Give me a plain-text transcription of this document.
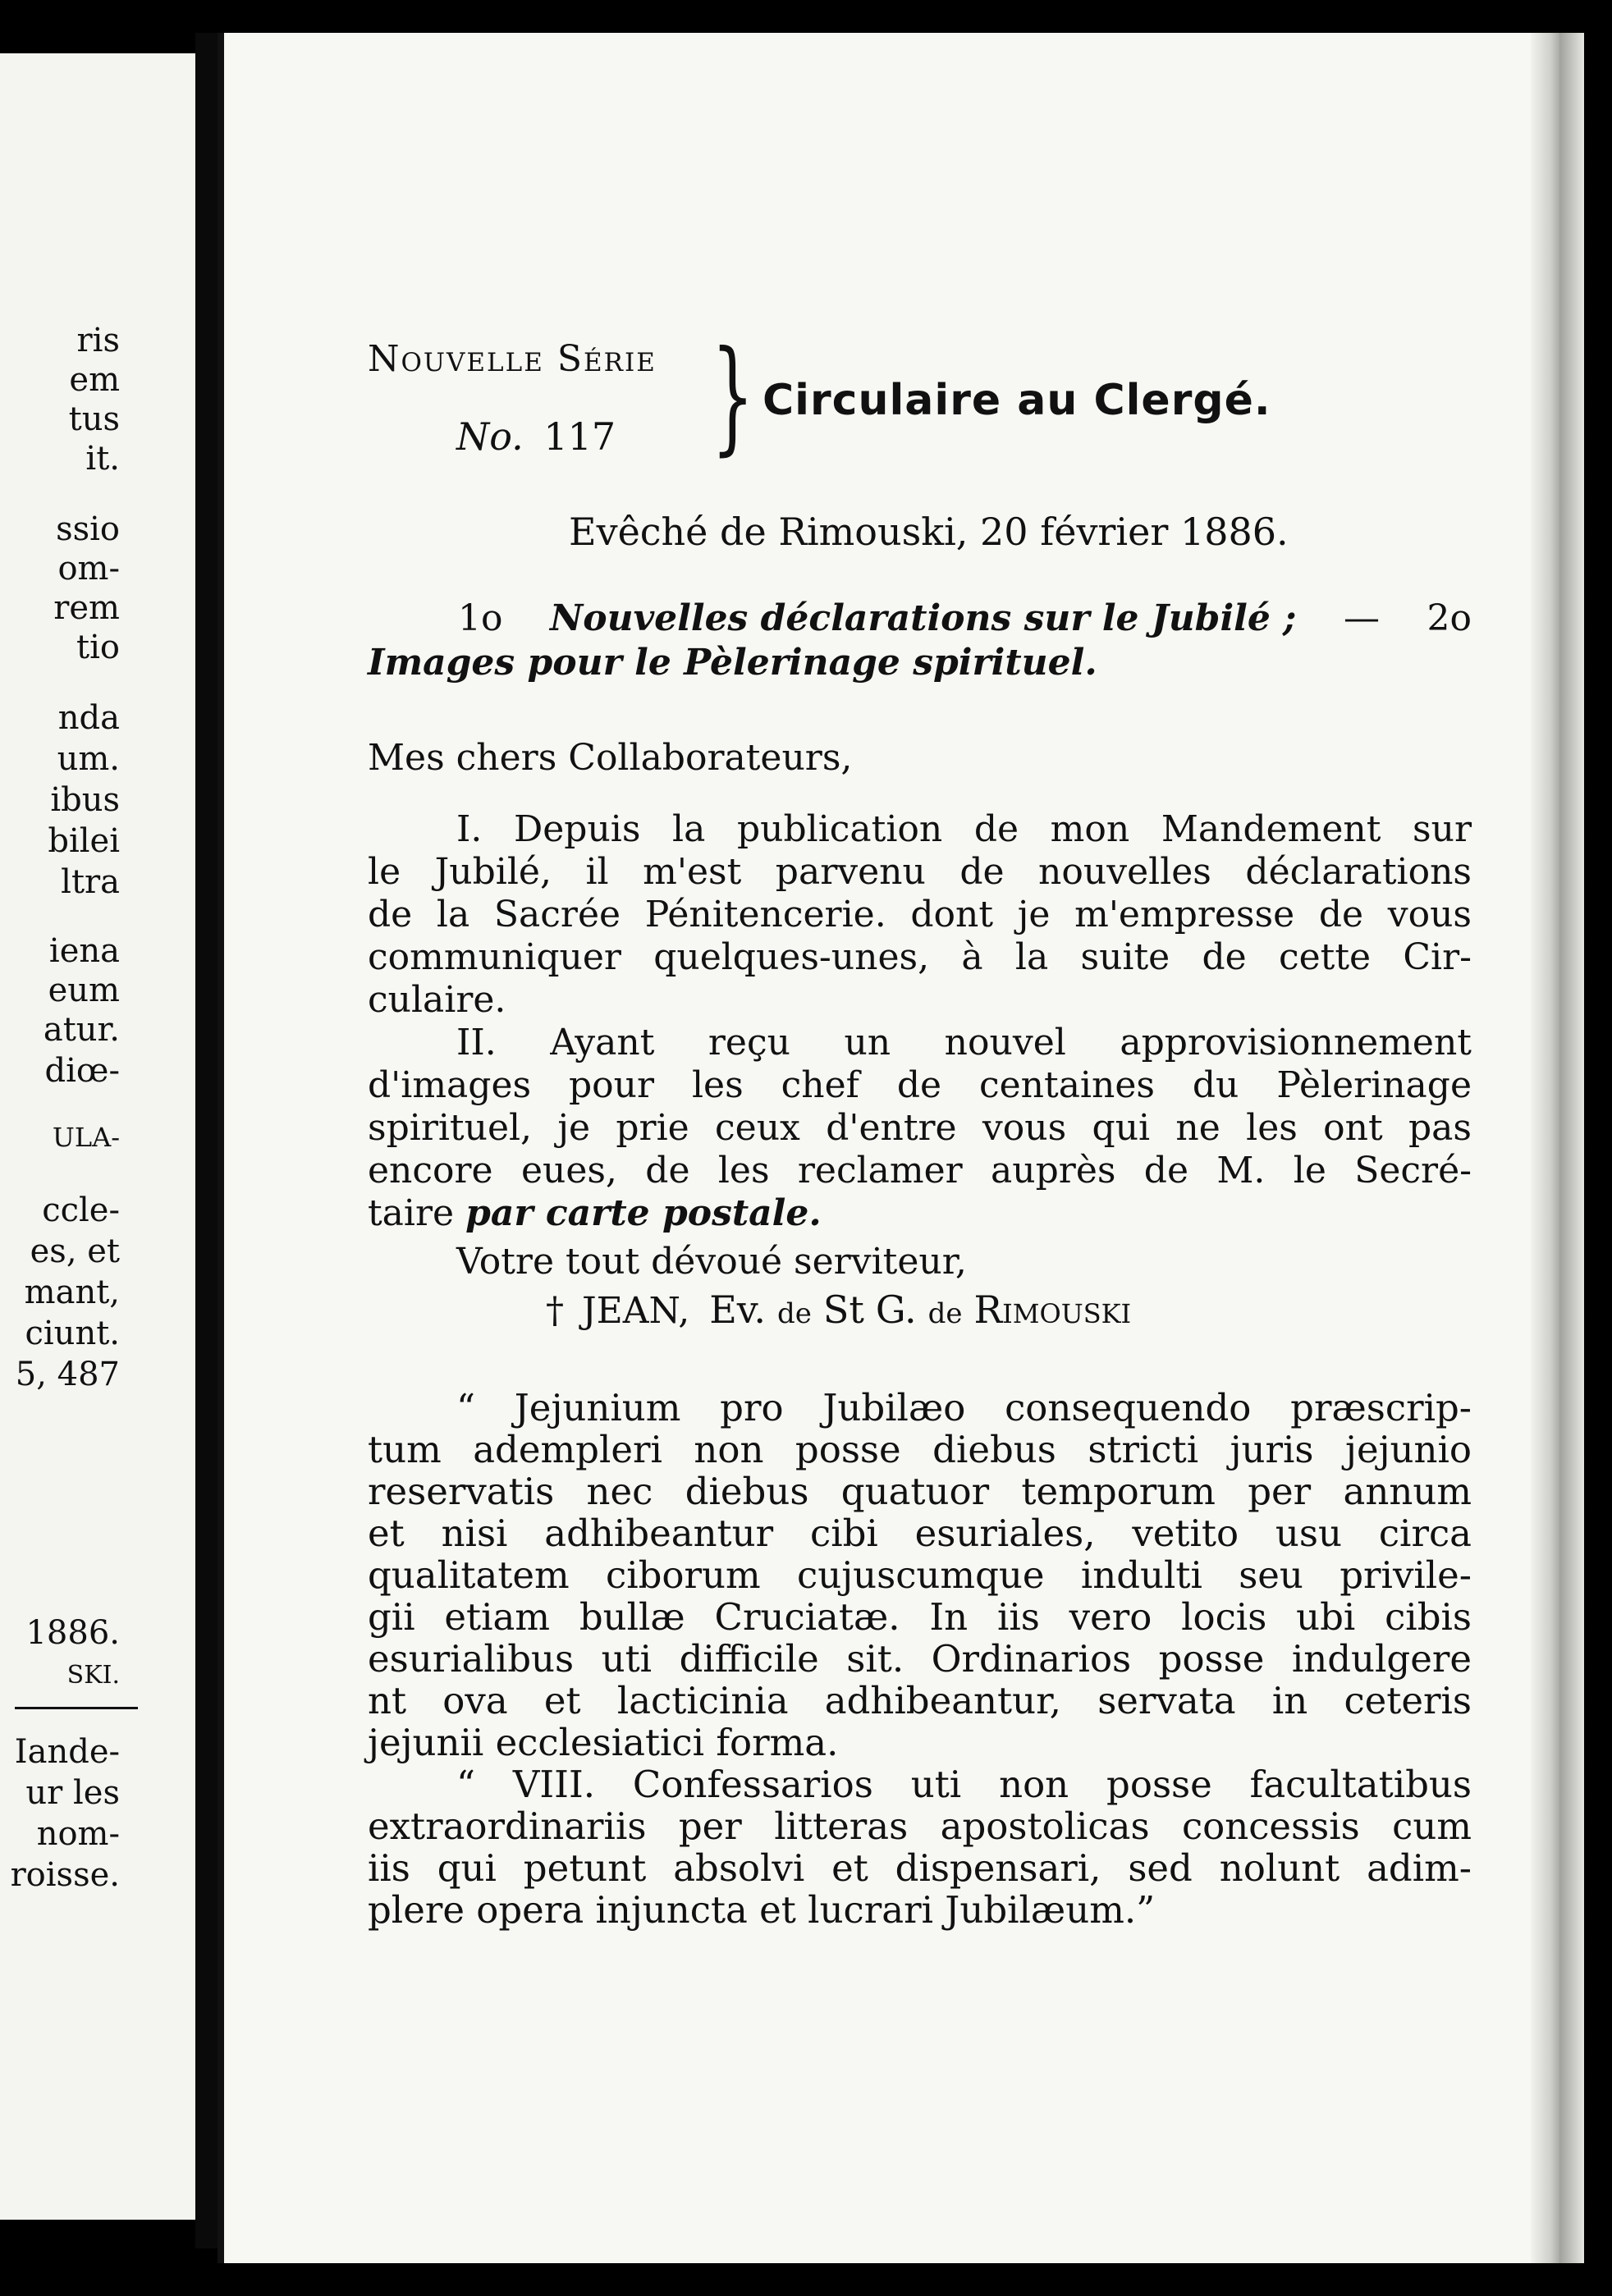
ris
em
tus
it.
ssio
om-
rem
tio
nda
um.
ibus
bilei
ltra
iena
eum
atur.
diœ-
ULA-
ccle-
es, et
mant,
ciunt.
5, 487
1886.
SKI.
Iande-
ur les
nom-
roisse.
Nouvelle Série
No. 117 } Circulaire au Clergé.
Evêché de Rimouski, 20 février 1886.
1o Nouvelles déclarations sur le Jubilé ; — 2o
Images pour le Pèlerinage spirituel.
Mes chers Collaborateurs,
I. Depuis la publication de mon Mandement sur
le Jubilé, il m'est parvenu de nouvelles déclarations
de la Sacrée Pénitencerie. dont je m'empresse de vous
communiquer quelques-unes, à la suite de cette Cir-
culaire.
II. Ayant reçu un nouvel approvisionnement
d'images pour les chef de centaines du Pèlerinage
spirituel, je prie ceux d'entre vous qui ne les ont pas
encore eues, de les reclamer auprès de M. le Secré-
taire par carte postale.
Votre tout dévoué serviteur,
† JEAN, Ev. de St G. de Rimouski
“ Jejunium pro Jubilæo consequendo præscrip-
tum adempleri non posse diebus stricti juris jejunio
reservatis nec diebus quatuor temporum per annum
et nisi adhibeantur cibi esuriales, vetito usu circa
qualitatem ciborum cujuscumque indulti seu privile-
gii etiam bullæ Cruciatæ. In iis vero locis ubi cibis
esurialibus uti difficile sit. Ordinarios posse indulgere
nt ova et lacticinia adhibeantur, servata in ceteris
jejunii ecclesiatici forma.
“ VIII. Confessarios uti non posse facultatibus
extraordinariis per litteras apostolicas concessis cum
iis qui petunt absolvi et dispensari, sed nolunt adim-
plere opera injuncta et lucrari Jubilæum.”
